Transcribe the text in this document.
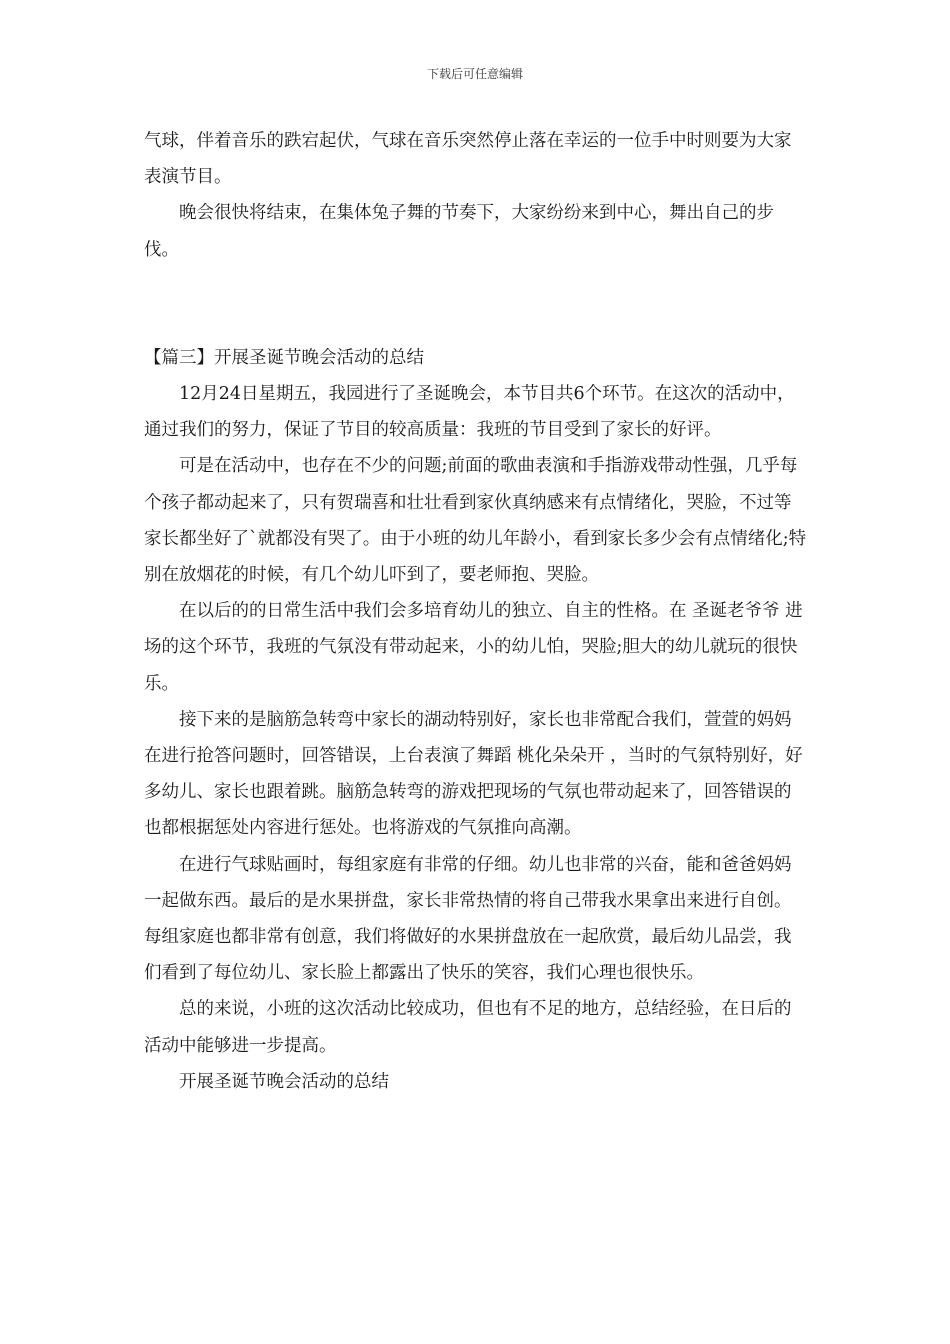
下载后可任意编辑

气球，伴着音乐的跌宕起伏，气球在音乐突然停止落在幸运的一位手中时则要为大家表演节目。

晚会很快将结束，在集体兔子舞的节奏下，大家纷纷来到中心，舞出自己的步伐。

【篇三】开展圣诞节晚会活动的总结

12月24日星期五，我园进行了圣诞晚会，本节目共6个环节。在这次的活动中，通过我们的努力，保证了节目的较高质量：我班的节目受到了家长的好评。

可是在活动中，也存在不少的问题;前面的歌曲表演和手指游戏带动性强，几乎每个孩子都动起来了，只有贺瑞喜和壮壮看到家伙真纳感来有点情绪化，哭脸，不过等家长都坐好了`就都没有哭了。由于小班的幼儿年龄小，看到家长多少会有点情绪化;特别在放烟花的时候，有几个幼儿吓到了，要老师抱、哭脸。

在以后的的日常生活中我们会多培育幼儿的独立、自主的性格。在 圣诞老爷爷 进场的这个环节，我班的气氛没有带动起来，小的幼儿怕，哭脸;胆大的幼儿就玩的很快乐。

接下来的是脑筋急转弯中家长的湖动特别好，家长也非常配合我们，萱萱的妈妈在进行抢答问题时，回答错误，上台表演了舞蹈 桃化朵朵开 ，当时的气氛特别好，好多幼儿、家长也跟着跳。脑筋急转弯的游戏把现场的气氛也带动起来了，回答错误的也都根据惩处内容进行惩处。也将游戏的气氛推向高潮。

在进行气球贴画时，每组家庭有非常的仔细。幼儿也非常的兴奋，能和爸爸妈妈一起做东西。最后的是水果拼盘，家长非常热情的将自己带我水果拿出来进行自创。每组家庭也都非常有创意，我们将做好的水果拼盘放在一起欣赏，最后幼儿品尝，我们看到了每位幼儿、家长脸上都露出了快乐的笑容，我们心理也很快乐。

总的来说，小班的这次活动比较成功，但也有不足的地方，总结经验，在日后的活动中能够进一步提高。

开展圣诞节晚会活动的总结
